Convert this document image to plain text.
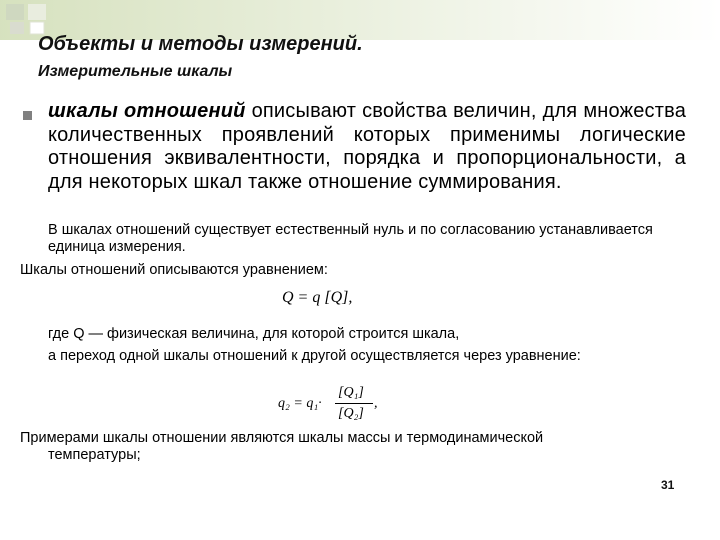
Объекты и методы измерений.
Измерительные шкалы
шкалы отношений описывают свойства величин, для множества количественных проявлений которых применимы логические отношения эквивалентности, порядка и пропорциональности, а для некоторых шкал также отношение суммирования.
В шкалах отношений существует естественный нуль и по согласованию устанавливается единица измерения.
Шкалы отношений описываются уравнением:
Q = q [Q],
где Q — физическая величина, для которой строится шкала,
а переход одной шкалы отношений к другой осуществляется через уравнение:
q₂ = q₁·
[Q₁]
[Q₂]
,
Примерами шкалы отношении являются шкалы массы и термодинамической
температуры;
31
